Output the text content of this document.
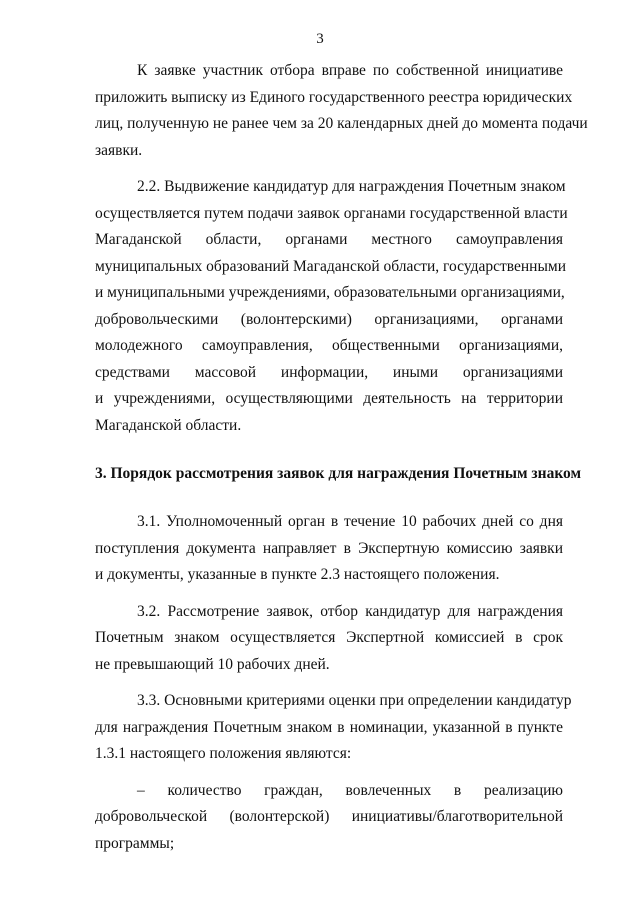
3

К заявке участник отбора вправе по собственной инициативе
приложить выписку из Единого государственного реестра юридических
лиц, полученную не ранее чем за 20 календарных дней до момента подачи
заявки.

2.2. Выдвижение кандидатур для награждения Почетным знаком
осуществляется путем подачи заявок органами государственной власти
Магаданской области, органами местного самоуправления
муниципальных образований Магаданской области, государственными
и муниципальными учреждениями, образовательными организациями,
добровольческими (волонтерскими) организациями, органами
молодежного самоуправления, общественными организациями,
средствами массовой информации, иными организациями
и учреждениями, осуществляющими деятельность на территории
Магаданской области.

3. Порядок рассмотрения заявок для награждения Почетным знаком

3.1. Уполномоченный орган в течение 10 рабочих дней со дня
поступления документа направляет в Экспертную комиссию заявки
и документы, указанные в пункте 2.3 настоящего положения.

3.2. Рассмотрение заявок, отбор кандидатур для награждения
Почетным знаком осуществляется Экспертной комиссией в срок
не превышающий 10 рабочих дней.

3.3. Основными критериями оценки при определении кандидатур
для награждения Почетным знаком в номинации, указанной в пункте
1.3.1 настоящего положения являются:

– количество граждан, вовлеченных в реализацию
добровольческой (волонтерской) инициативы/благотворительной
программы;
